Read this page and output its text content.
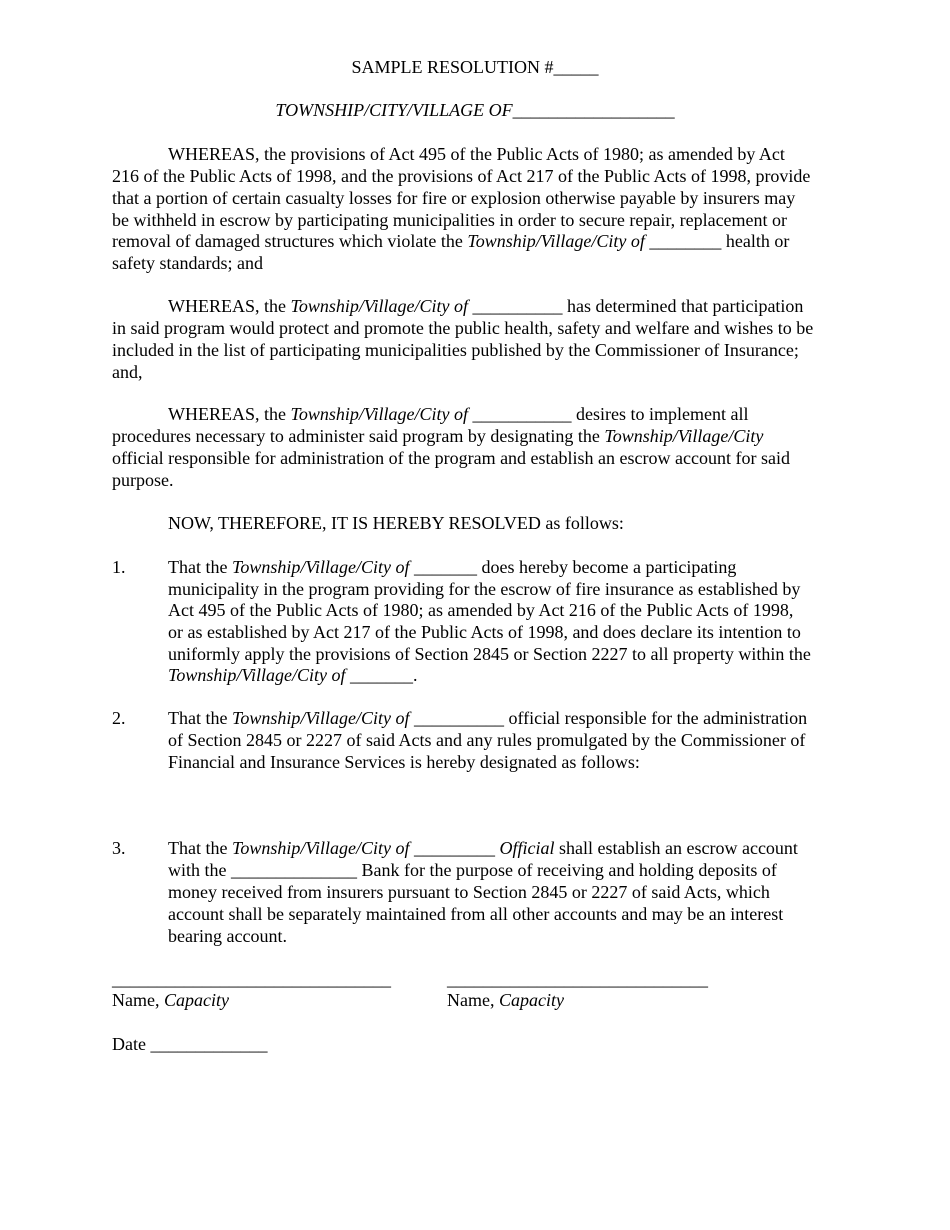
SAMPLE RESOLUTION #_____
TOWNSHIP/CITY/VILLAGE OF__________________
WHEREAS, the provisions of Act 495 of the Public Acts of 1980; as amended by Act
216 of the Public Acts of 1998, and the provisions of Act 217 of the Public Acts of 1998, provide
that a portion of certain casualty losses for fire or explosion otherwise payable by insurers may
be withheld in escrow by participating municipalities in order to secure repair, replacement or
removal of damaged structures which violate the Township/Village/City of ________ health or
safety standards; and
WHEREAS, the Township/Village/City of __________ has determined that participation
in said program would protect and promote the public health, safety and welfare and wishes to be
included in the list of participating municipalities published by the Commissioner of Insurance;
and,
WHEREAS, the Township/Village/City of ___________ desires to implement all
procedures necessary to administer said program by designating the Township/Village/City
official responsible for administration of the program and establish an escrow account for said
purpose.
NOW, THEREFORE, IT IS HEREBY RESOLVED as follows:
1. That the Township/Village/City of _______ does hereby become a participating
municipality in the program providing for the escrow of fire insurance as established by
Act 495 of the Public Acts of 1980; as amended by Act 216 of the Public Acts of 1998,
or as established by Act 217 of the Public Acts of 1998, and does declare its intention to
uniformly apply the provisions of Section 2845 or Section 2227 to all property within the
Township/Village/City of _______.
2. That the Township/Village/City of __________ official responsible for the administration
of Section 2845 or 2227 of said Acts and any rules promulgated by the Commissioner of
Financial and Insurance Services is hereby designated as follows:
3. That the Township/Village/City of _________ Official shall establish an escrow account
with the ______________ Bank for the purpose of receiving and holding deposits of
money received from insurers pursuant to Section 2845 or 2227 of said Acts, which
account shall be separately maintained from all other accounts and may be an interest
bearing account.
_______________________________	_____________________________
Name, Capacity	Name, Capacity
Date _____________
